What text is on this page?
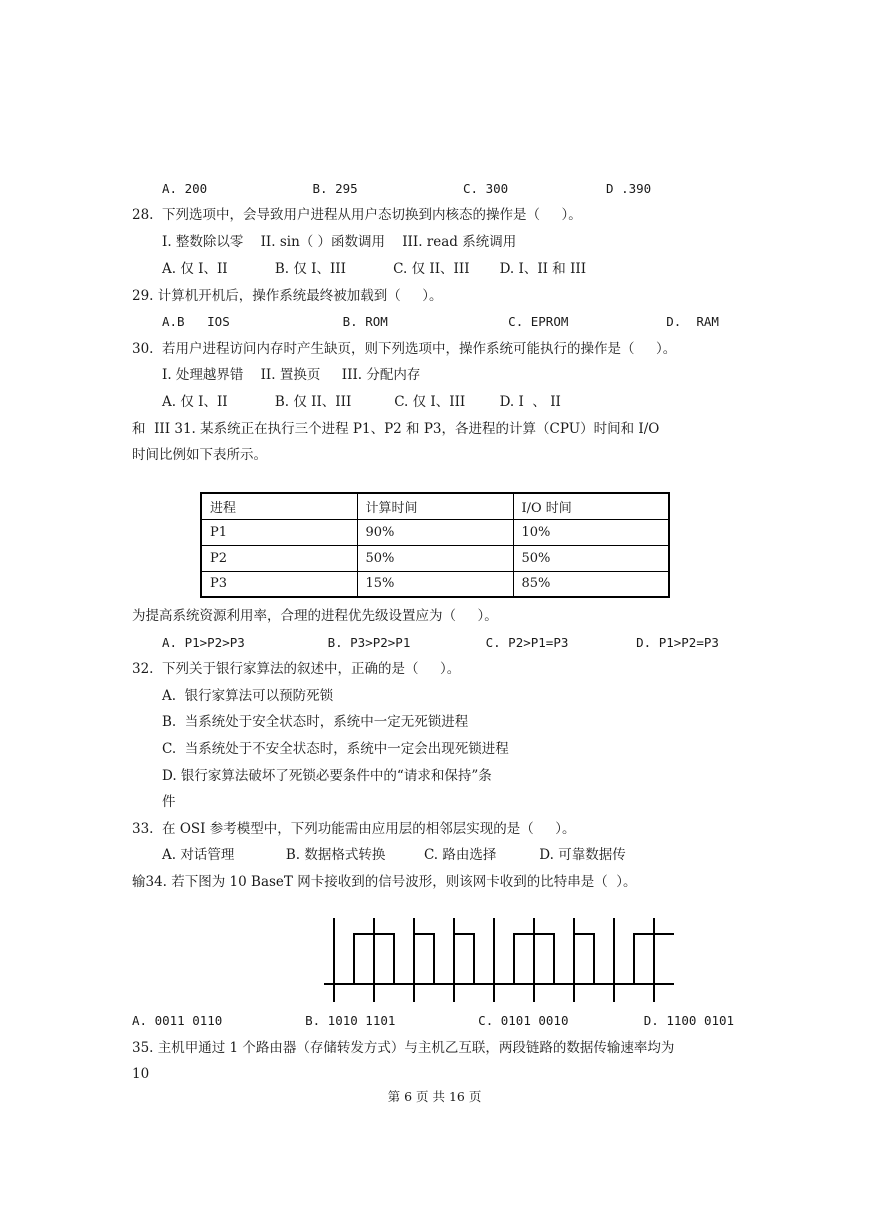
A. 200              B. 295              C. 300             D .390
28.  下列选项中，会导致用户进程从用户态切换到内核态的操作是（     ）。
I. 整数除以零    II. sin（ ）函数调用    III. read 系统调用
A. 仅 I、II           B. 仅 I、III           C. 仅 II、III       D. I、II 和 III
29. 计算机开机后，操作系统最终被加载到（     ）。
A.B   IOS               B. ROM                C. EPROM             D.  RAM
30.  若用户进程访问内存时产生缺页，则下列选项中，操作系统可能执行的操作是（     ）。
I. 处理越界错    II. 置换页     III. 分配内存
A. 仅 I、II           B. 仅 II、III          C. 仅 I、III        D. I  、 II
和  III 31. 某系统正在执行三个进程 P1、P2 和 P3，各进程的计算（CPU）时间和 I/O
时间比例如下表所示。
进程	计算时间	I/O 时间
P1	90%	10%
P2	50%	50%
P3	15%	85%
为提高系统资源利用率，合理的进程优先级设置应为（     ）。
A. P1>P2>P3           B. P3>P2>P1          C. P2>P1=P3         D. P1>P2=P3
32.  下列关于银行家算法的叙述中，正确的是（     ）。
A.  银行家算法可以预防死锁
B.  当系统处于安全状态时，系统中一定无死锁进程
C.  当系统处于不安全状态时，系统中一定会出现死锁进程
D. 银行家算法破坏了死锁必要条件中的“请求和保持”条
件
33.  在 OSI 参考模型中，下列功能需由应用层的相邻层实现的是（     ）。
A. 对话管理            B. 数据格式转换         C. 路由选择          D. 可靠数据传
输34. 若下图为 10 BaseT 网卡接收到的信号波形，则该网卡收到的比特串是（  ）。
A. 0011 0110           B. 1010 1101           C. 0101 0010          D. 1100 0101
35. 主机甲通过 1 个路由器（存储转发方式）与主机乙互联，两段链路的数据传输速率均为
10
第 6 页 共 16 页
